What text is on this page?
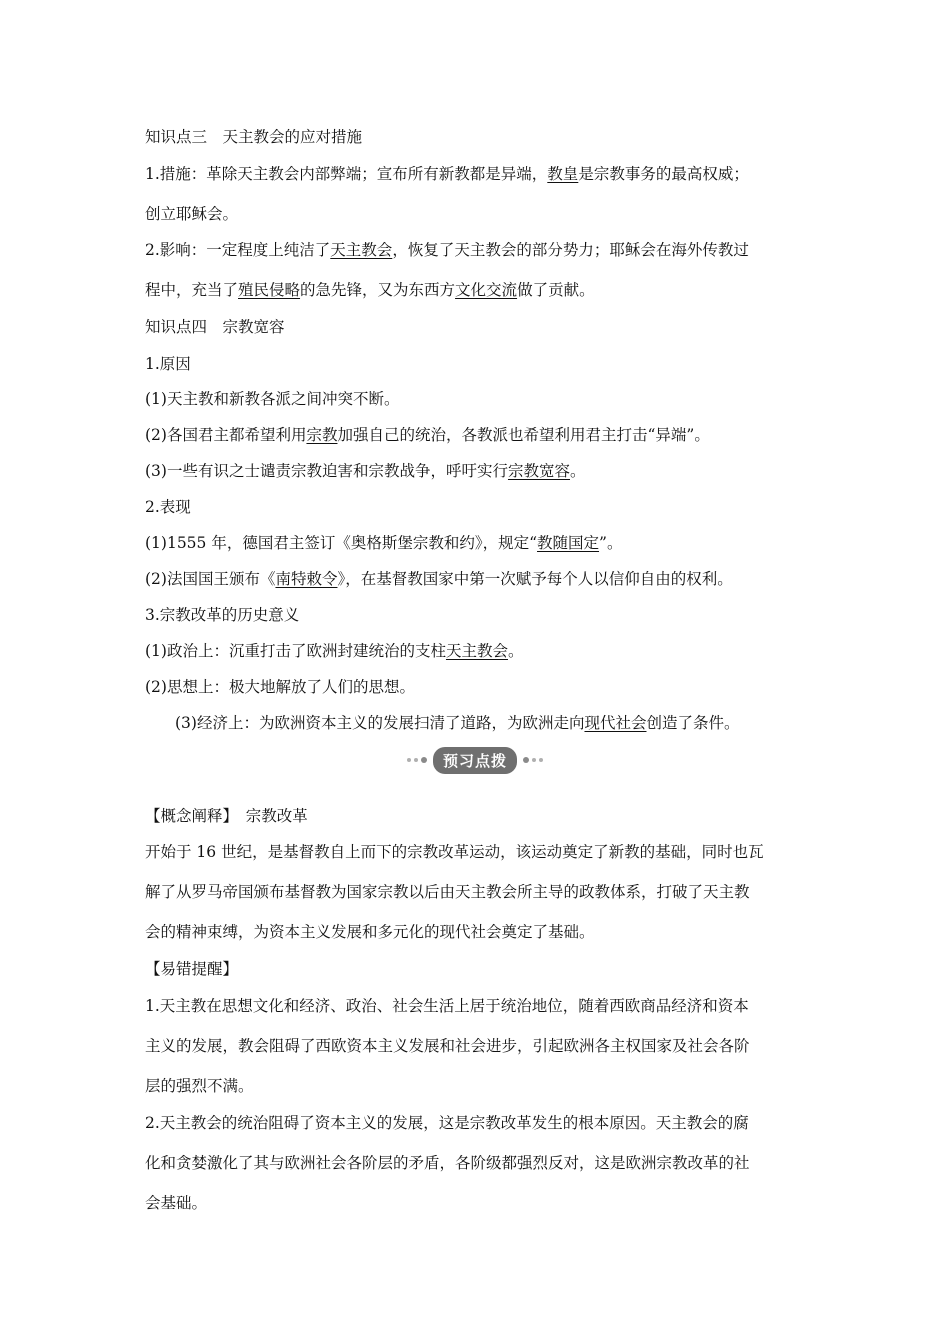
知识点三　天主教会的应对措施
1.措施：革除天主教会内部弊端；宣布所有新教都是异端，教皇是宗教事务的最高权威；
创立耶稣会。
2.影响：一定程度上纯洁了天主教会，恢复了天主教会的部分势力；耶稣会在海外传教过
程中，充当了殖民侵略的急先锋，又为东西方文化交流做了贡献。
知识点四　宗教宽容
1.原因
(1)天主教和新教各派之间冲突不断。
(2)各国君主都希望利用宗教加强自己的统治，各教派也希望利用君主打击“异端”。
(3)一些有识之士谴责宗教迫害和宗教战争，呼吁实行宗教宽容。
2.表现
(1)1555 年，德国君主签订《奥格斯堡宗教和约》，规定“教随国定”。
(2)法国国王颁布《南特敕令》，在基督教国家中第一次赋予每个人以信仰自由的权利。
3.宗教改革的历史意义
(1)政治上：沉重打击了欧洲封建统治的支柱天主教会。
(2)思想上：极大地解放了人们的思想。
(3)经济上：为欧洲资本主义的发展扫清了道路，为欧洲走向现代社会创造了条件。
预习点拨
【概念阐释】　宗教改革
开始于 16 世纪，是基督教自上而下的宗教改革运动，该运动奠定了新教的基础，同时也瓦
解了从罗马帝国颁布基督教为国家宗教以后由天主教会所主导的政教体系，打破了天主教
会的精神束缚，为资本主义发展和多元化的现代社会奠定了基础。
【易错提醒】
1.天主教在思想文化和经济、政治、社会生活上居于统治地位，随着西欧商品经济和资本
主义的发展，教会阻碍了西欧资本主义发展和社会进步，引起欧洲各主权国家及社会各阶
层的强烈不满。
2.天主教会的统治阻碍了资本主义的发展，这是宗教改革发生的根本原因。天主教会的腐
化和贪婪激化了其与欧洲社会各阶层的矛盾，各阶级都强烈反对，这是欧洲宗教改革的社
会基础。
